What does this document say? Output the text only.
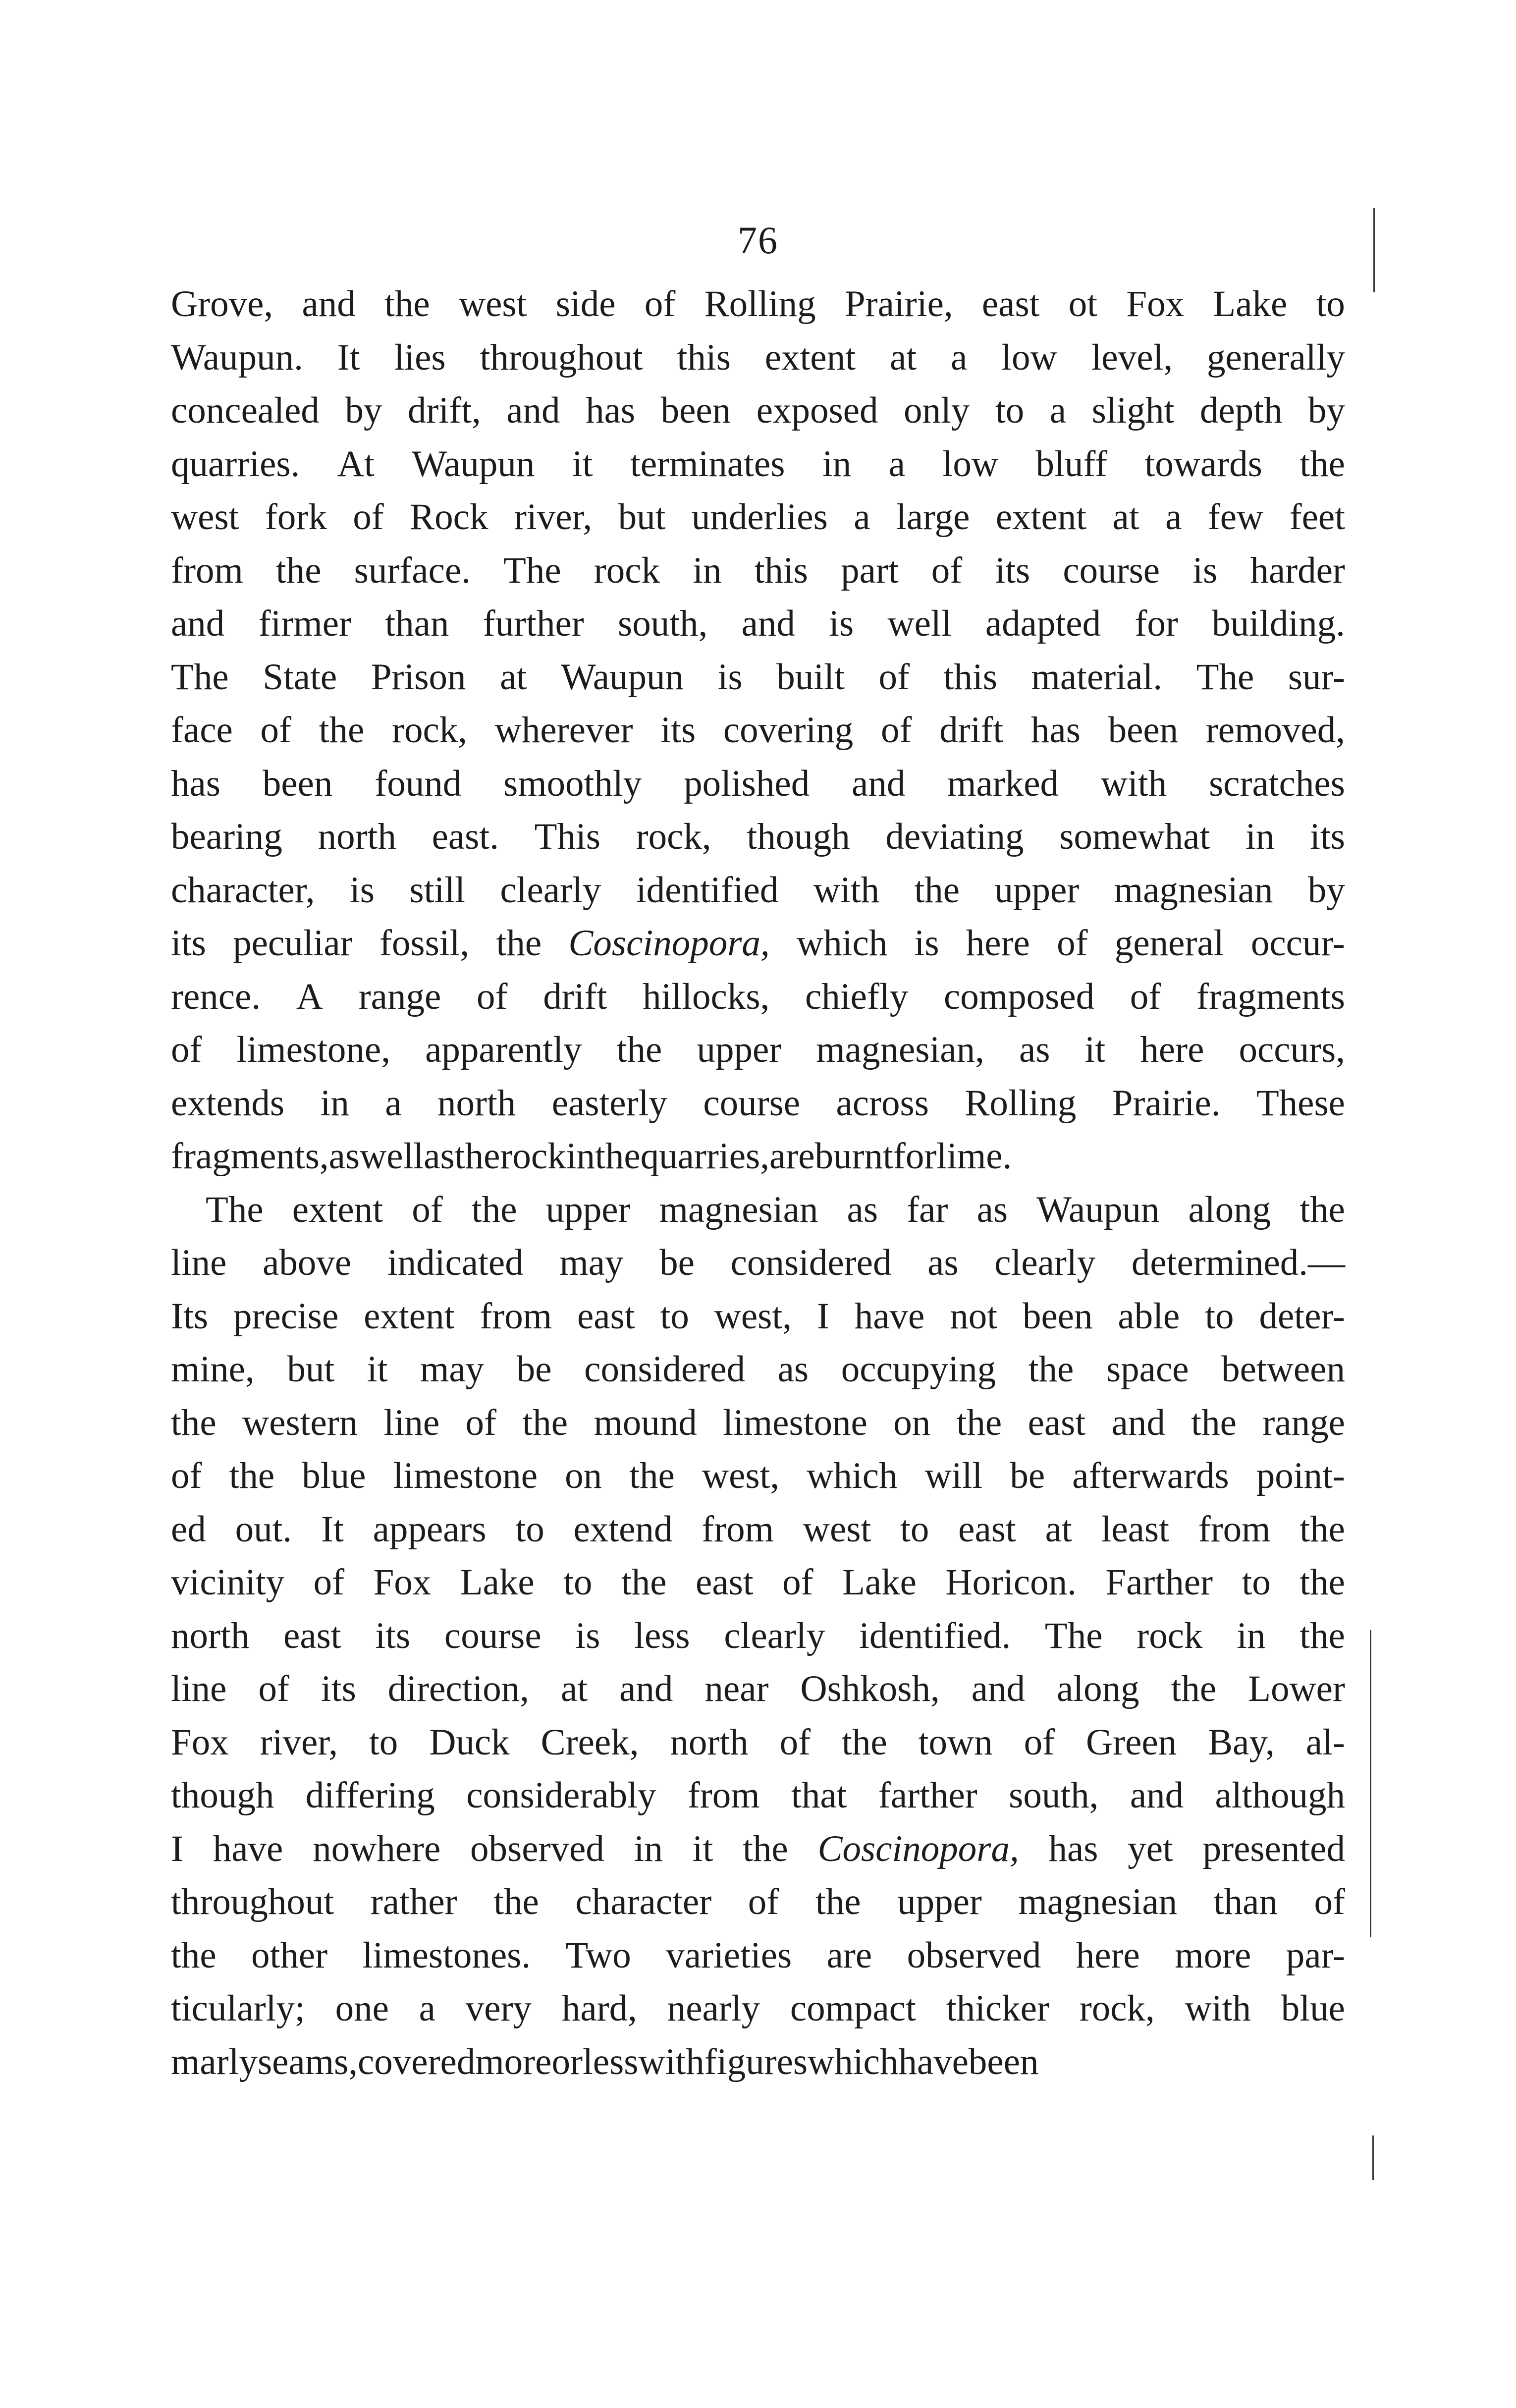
76
Grove, and the west side of Rolling Prairie, east ot Fox Lake to
Waupun. It lies throughout this extent at a low level, generally
concealed by drift, and has been exposed only to a slight depth by
quarries. At Waupun it terminates in a low bluff towards the
west fork of Rock river, but underlies a large extent at a few feet
from the surface. The rock in this part of its course is harder
and firmer than further south, and is well adapted for building.
The State Prison at Waupun is built of this material. The sur-
face of the rock, wherever its covering of drift has been removed,
has been found smoothly polished and marked with scratches
bearing north east. This rock, though deviating somewhat in its
character, is still clearly identified with the upper magnesian by
its peculiar fossil, the Coscinopora, which is here of general occur-
rence. A range of drift hillocks, chiefly composed of fragments
of limestone, apparently the upper magnesian, as it here occurs,
extends in a north easterly course across Rolling Prairie. These
fragments, as well as the rock in the quarries, are burnt for lime.
The extent of the upper magnesian as far as Waupun along the
line above indicated may be considered as clearly determined.—
Its precise extent from east to west, I have not been able to deter-
mine, but it may be considered as occupying the space between
the western line of the mound limestone on the east and the range
of the blue limestone on the west, which will be afterwards point-
ed out. It appears to extend from west to east at least from the
vicinity of Fox Lake to the east of Lake Horicon. Farther to the
north east its course is less clearly identified. The rock in the
line of its direction, at and near Oshkosh, and along the Lower
Fox river, to Duck Creek, north of the town of Green Bay, al-
though differing considerably from that farther south, and although
I have nowhere observed in it the Coscinopora, has yet presented
throughout rather the character of the upper magnesian than of
the other limestones. Two varieties are observed here more par-
ticularly; one a very hard, nearly compact thicker rock, with blue
marly seams, covered more or less with figures which have been
